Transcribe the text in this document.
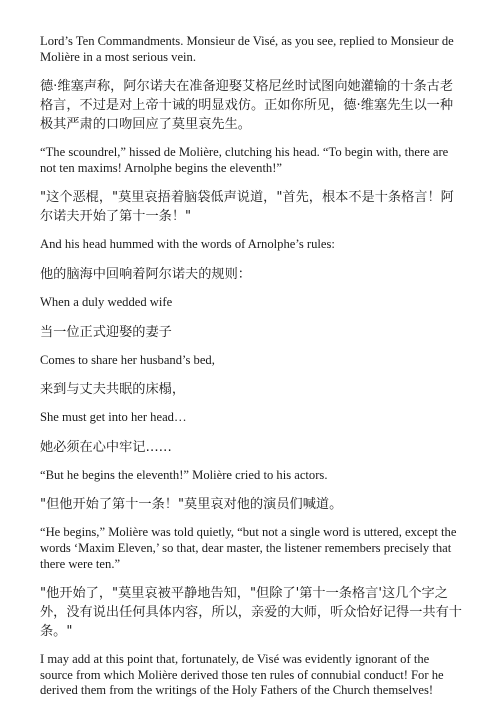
Lord’s Ten Commandments. Monsieur de Visé, as you see, replied to Monsieur de Molière in a most serious vein.

德·维塞声称，阿尔诺夫在准备迎娶艾格尼丝时试图向她灌输的十条古老格言，不过是对上帝十诫的明显戏仿。正如你所见，德·维塞先生以一种极其严肃的口吻回应了莫里哀先生。

“The scoundrel,” hissed de Molière, clutching his head. “To begin with, there are not ten maxims! Arnolphe begins the eleventh!”

"这个恶棍，"莫里哀捂着脑袋低声说道，"首先，根本不是十条格言！阿尔诺夫开始了第十一条！"

And his head hummed with the words of Arnolphe’s rules:

他的脑海中回响着阿尔诺夫的规则：

When a duly wedded wife

当一位正式迎娶的妻子

Comes to share her husband’s bed,

来到与丈夫共眠的床榻，

She must get into her head…

她必须在心中牢记……

“But he begins the eleventh!” Molière cried to his actors.

"但他开始了第十一条！"莫里哀对他的演员们喊道。

“He begins,” Molière was told quietly, “but not a single word is uttered, except the words ‘Maxim Eleven,’ so that, dear master, the listener remembers precisely that there were ten.”

"他开始了，"莫里哀被平静地告知，"但除了'第十一条格言'这几个字之外，没有说出任何具体内容，所以，亲爱的大师，听众恰好记得一共有十条。"

I may add at this point that, fortunately, de Visé was evidently ignorant of the source from which Molière derived those ten rules of connubial conduct! For he derived them from the writings of the Holy Fathers of the Church themselves!
